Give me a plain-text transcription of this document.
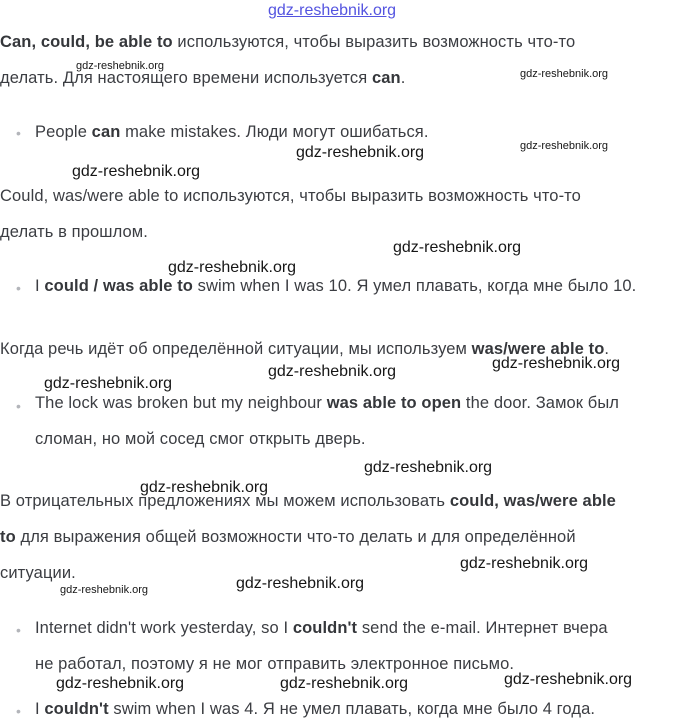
gdz-reshebnik.org
Can, could, be able to используются, чтобы выразить возможность что-то
делать. Для настоящего времени используется can.
• People can make mistakes. Люди могут ошибаться.
Could, was/were able to используются, чтобы выразить возможность что-то
делать в прошлом.
• I could / was able to swim when I was 10. Я умел плавать, когда мне было 10.
Когда речь идёт об определённой ситуации, мы используем was/were able to.
• The lock was broken but my neighbour was able to open the door. Замок был
сломан, но мой сосед смог открыть дверь.
В отрицательных предложениях мы можем использовать could, was/were able
to для выражения общей возможности что-то делать и для определённой
ситуации.
• Internet didn't work yesterday, so I couldn't send the e-mail. Интернет вчера
не работал, поэтому я не мог отправить электронное письмо.
• I couldn't swim when I was 4. Я не умел плавать, когда мне было 4 года.
gdz-reshebnik.org
gdz-reshebnik.org
gdz-reshebnik.org
gdz-reshebnik.org
gdz-reshebnik.org
gdz-reshebnik.org
gdz-reshebnik.org
gdz-reshebnik.org
gdz-reshebnik.org
gdz-reshebnik.org
gdz-reshebnik.org
gdz-reshebnik.org
gdz-reshebnik.org
gdz-reshebnik.org
gdz-reshebnik.org
gdz-reshebnik.org
gdz-reshebnik.org
gdz-reshebnik.org
